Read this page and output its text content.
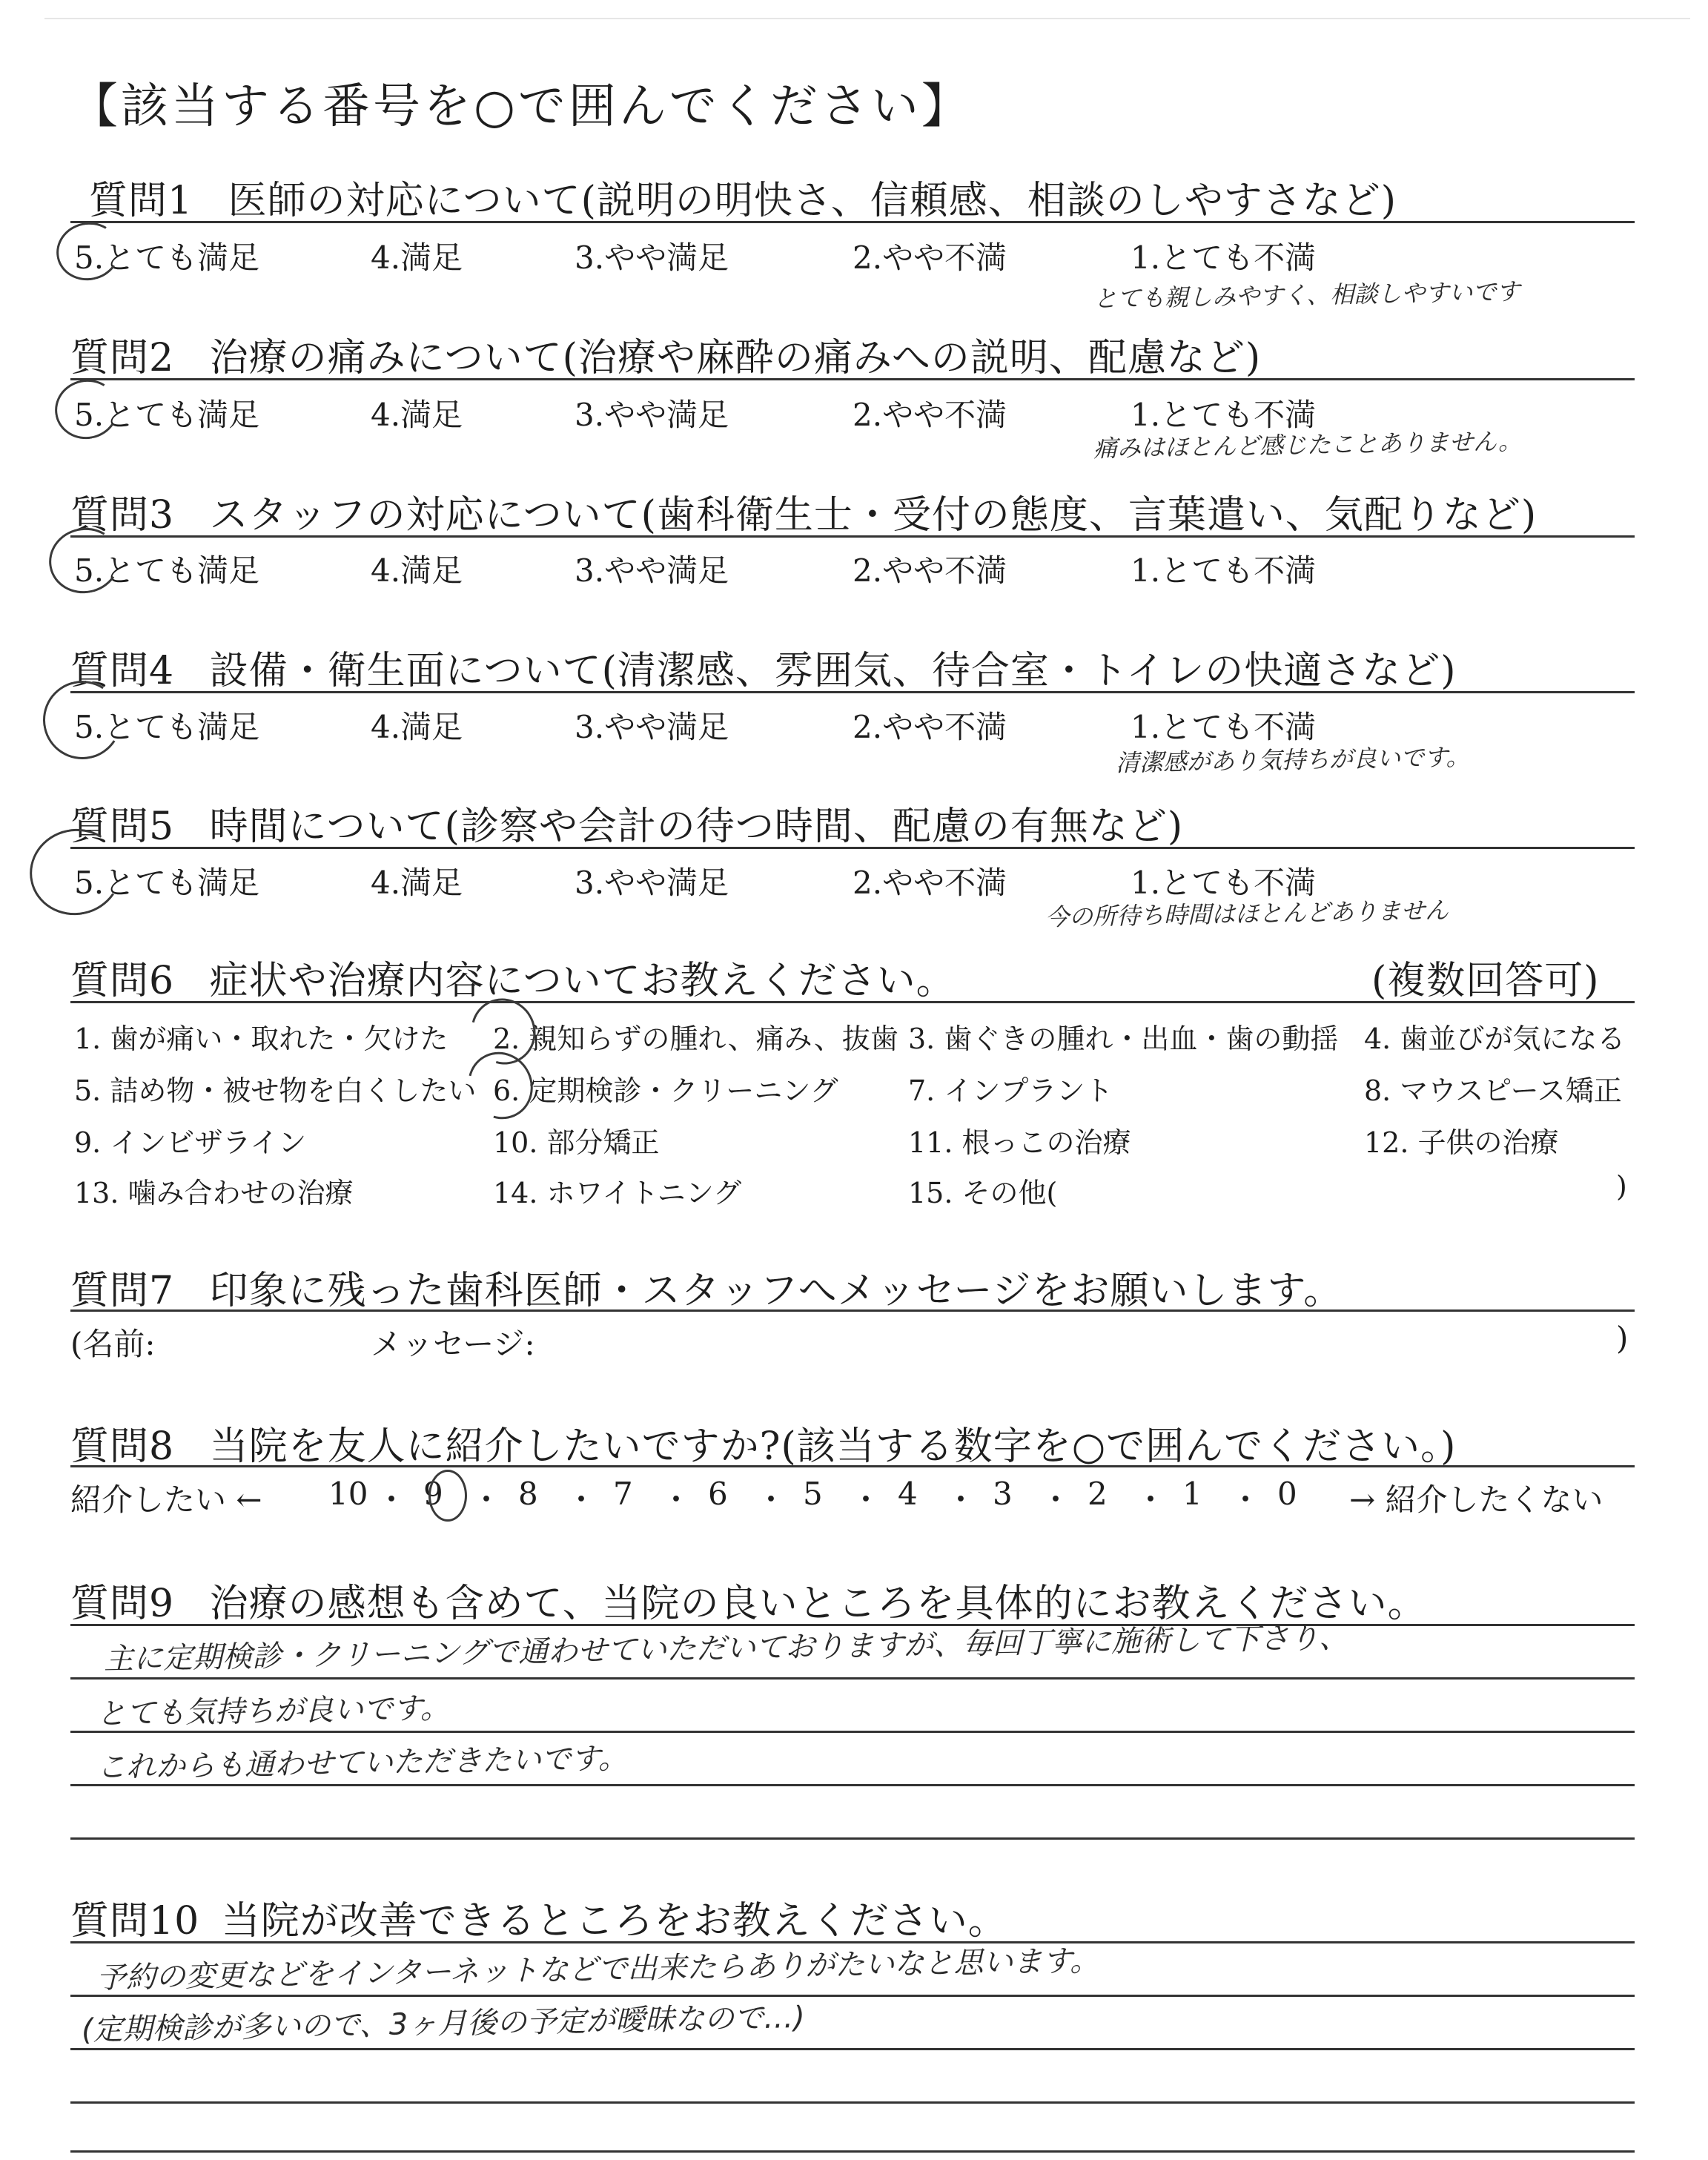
【該当する番号を○で囲んでください】
質問1 医師の対応について(説明の明快さ、信頼感、相談のしやすさなど)
5.とても満足	4.満足	3.やや満足	2.やや不満	1.とても不満
とても親しみやすく、相談しやすいです
質問2 治療の痛みについて(治療や麻酔の痛みへの説明、配慮など)
5.とても満足	4.満足	3.やや満足	2.やや不満	1.とても不満
痛みはほとんど感じたことありません。
質問3 スタッフの対応について(歯科衛生士・受付の態度、言葉遣い、気配りなど)
5.とても満足	4.満足	3.やや満足	2.やや不満	1.とても不満
質問4 設備・衛生面について(清潔感、雰囲気、待合室・トイレの快適さなど)
5.とても満足	4.満足	3.やや満足	2.やや不満	1.とても不満
清潔感があり気持ちが良いです。
質問5 時間について(診察や会計の待つ時間、配慮の有無など)
5.とても満足	4.満足	3.やや満足	2.やや不満	1.とても不満
今の所待ち時間はほとんどありません
質問6 症状や治療内容についてお教えください。	(複数回答可)
1. 歯が痛い・取れた・欠けた 2. 親知らずの腫れ、痛み、抜歯 3. 歯ぐきの腫れ・出血・歯の動揺 4. 歯並びが気になる
5. 詰め物・被せ物を白くしたい 6. 定期検診・クリーニング 7. インプラント	8. マウスピース矯正
9. インビザライン	10. 部分矯正	11. 根っこの治療	12. 子供の治療
13. 噛み合わせの治療	14. ホワイトニング	15. その他(	)
質問7 印象に残った歯科医師・スタッフへメッセージをお願いします。
(名前:	メッセージ:	)
質問8 当院を友人に紹介したいですか?(該当する数字を○で囲んでください。)
紹介したい ←	→ 紹介したくない
10 ・ 9 ・ 8 ・ 7 ・ 6 ・ 5 ・ 4 ・ 3 ・ 2 ・ 1 ・ 0
質問9 治療の感想も含めて、当院の良いところを具体的にお教えください。
主に定期検診・クリーニングで通わせていただいておりますが、毎回丁寧に施術して下さり、
とても気持ちが良いです。
これからも通わせていただきたいです。
質問10 当院が改善できるところをお教えください。
予約の変更などをインターネットなどで出来たらありがたいなと思います。
(定期検診が多いので、3ヶ月後の予定が曖昧なので…)
